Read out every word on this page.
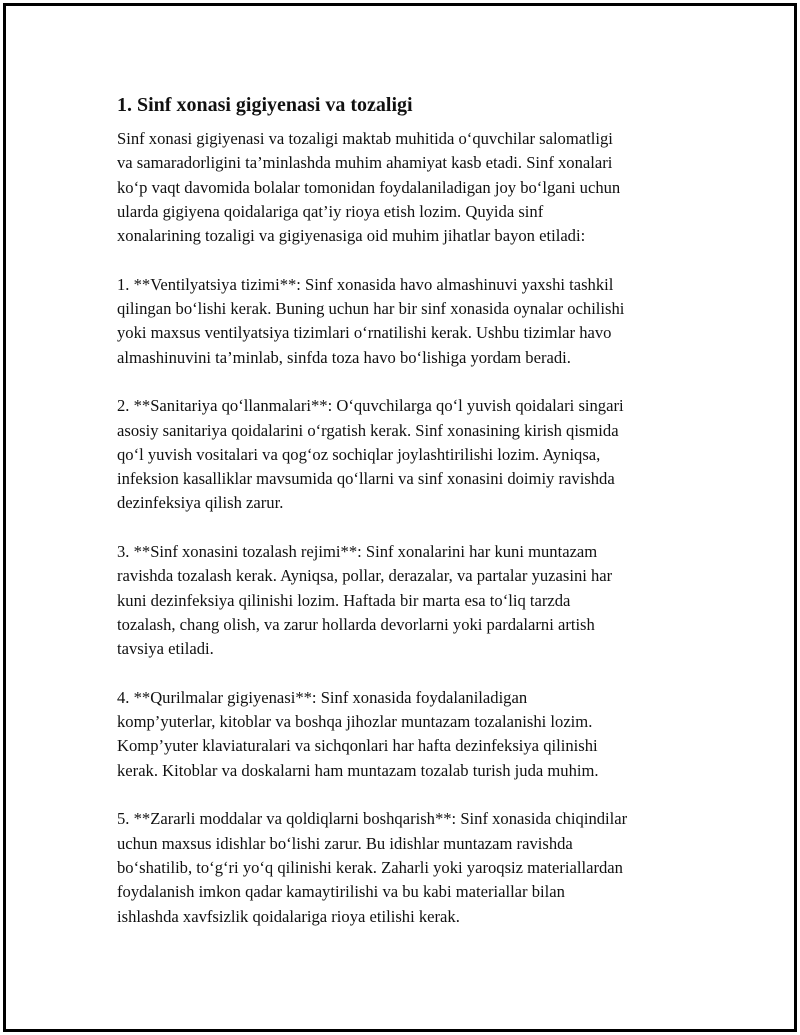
1. Sinf xonasi gigiyenasi va tozaligi

Sinf xonasi gigiyenasi va tozaligi maktab muhitida o‘quvchilar salomatligi
va samaradorligini ta’minlashda muhim ahamiyat kasb etadi. Sinf xonalari
ko‘p vaqt davomida bolalar tomonidan foydalaniladigan joy bo‘lgani uchun
ularda gigiyena qoidalariga qat’iy rioya etish lozim. Quyida sinf
xonalarining tozaligi va gigiyenasiga oid muhim jihatlar bayon etiladi:

1. **Ventilyatsiya tizimi**: Sinf xonasida havo almashinuvi yaxshi tashkil
qilingan bo‘lishi kerak. Buning uchun har bir sinf xonasida oynalar ochilishi
yoki maxsus ventilyatsiya tizimlari o‘rnatilishi kerak. Ushbu tizimlar havo
almashinuvini ta’minlab, sinfda toza havo bo‘lishiga yordam beradi.

2. **Sanitariya qo‘llanmalari**: O‘quvchilarga qo‘l yuvish qoidalari singari
asosiy sanitariya qoidalarini o‘rgatish kerak. Sinf xonasining kirish qismida
qo‘l yuvish vositalari va qog‘oz sochiqlar joylashtirilishi lozim. Ayniqsa,
infeksion kasalliklar mavsumida qo‘llarni va sinf xonasini doimiy ravishda
dezinfeksiya qilish zarur.

3. **Sinf xonasini tozalash rejimi**: Sinf xonalarini har kuni muntazam
ravishda tozalash kerak. Ayniqsa, pollar, derazalar, va partalar yuzasini har
kuni dezinfeksiya qilinishi lozim. Haftada bir marta esa to‘liq tarzda
tozalash, chang olish, va zarur hollarda devorlarni yoki pardalarni artish
tavsiya etiladi.

4. **Qurilmalar gigiyenasi**: Sinf xonasida foydalaniladigan
komp’yuterlar, kitoblar va boshqa jihozlar muntazam tozalanishi lozim.
Komp’yuter klaviaturalari va sichqonlari har hafta dezinfeksiya qilinishi
kerak. Kitoblar va doskalarni ham muntazam tozalab turish juda muhim.

5. **Zararli moddalar va qoldiqlarni boshqarish**: Sinf xonasida chiqindilar
uchun maxsus idishlar bo‘lishi zarur. Bu idishlar muntazam ravishda
bo‘shatilib, to‘g‘ri yo‘q qilinishi kerak. Zaharli yoki yaroqsiz materiallardan
foydalanish imkon qadar kamaytirilishi va bu kabi materiallar bilan
ishlashda xavfsizlik qoidalariga rioya etilishi kerak.
